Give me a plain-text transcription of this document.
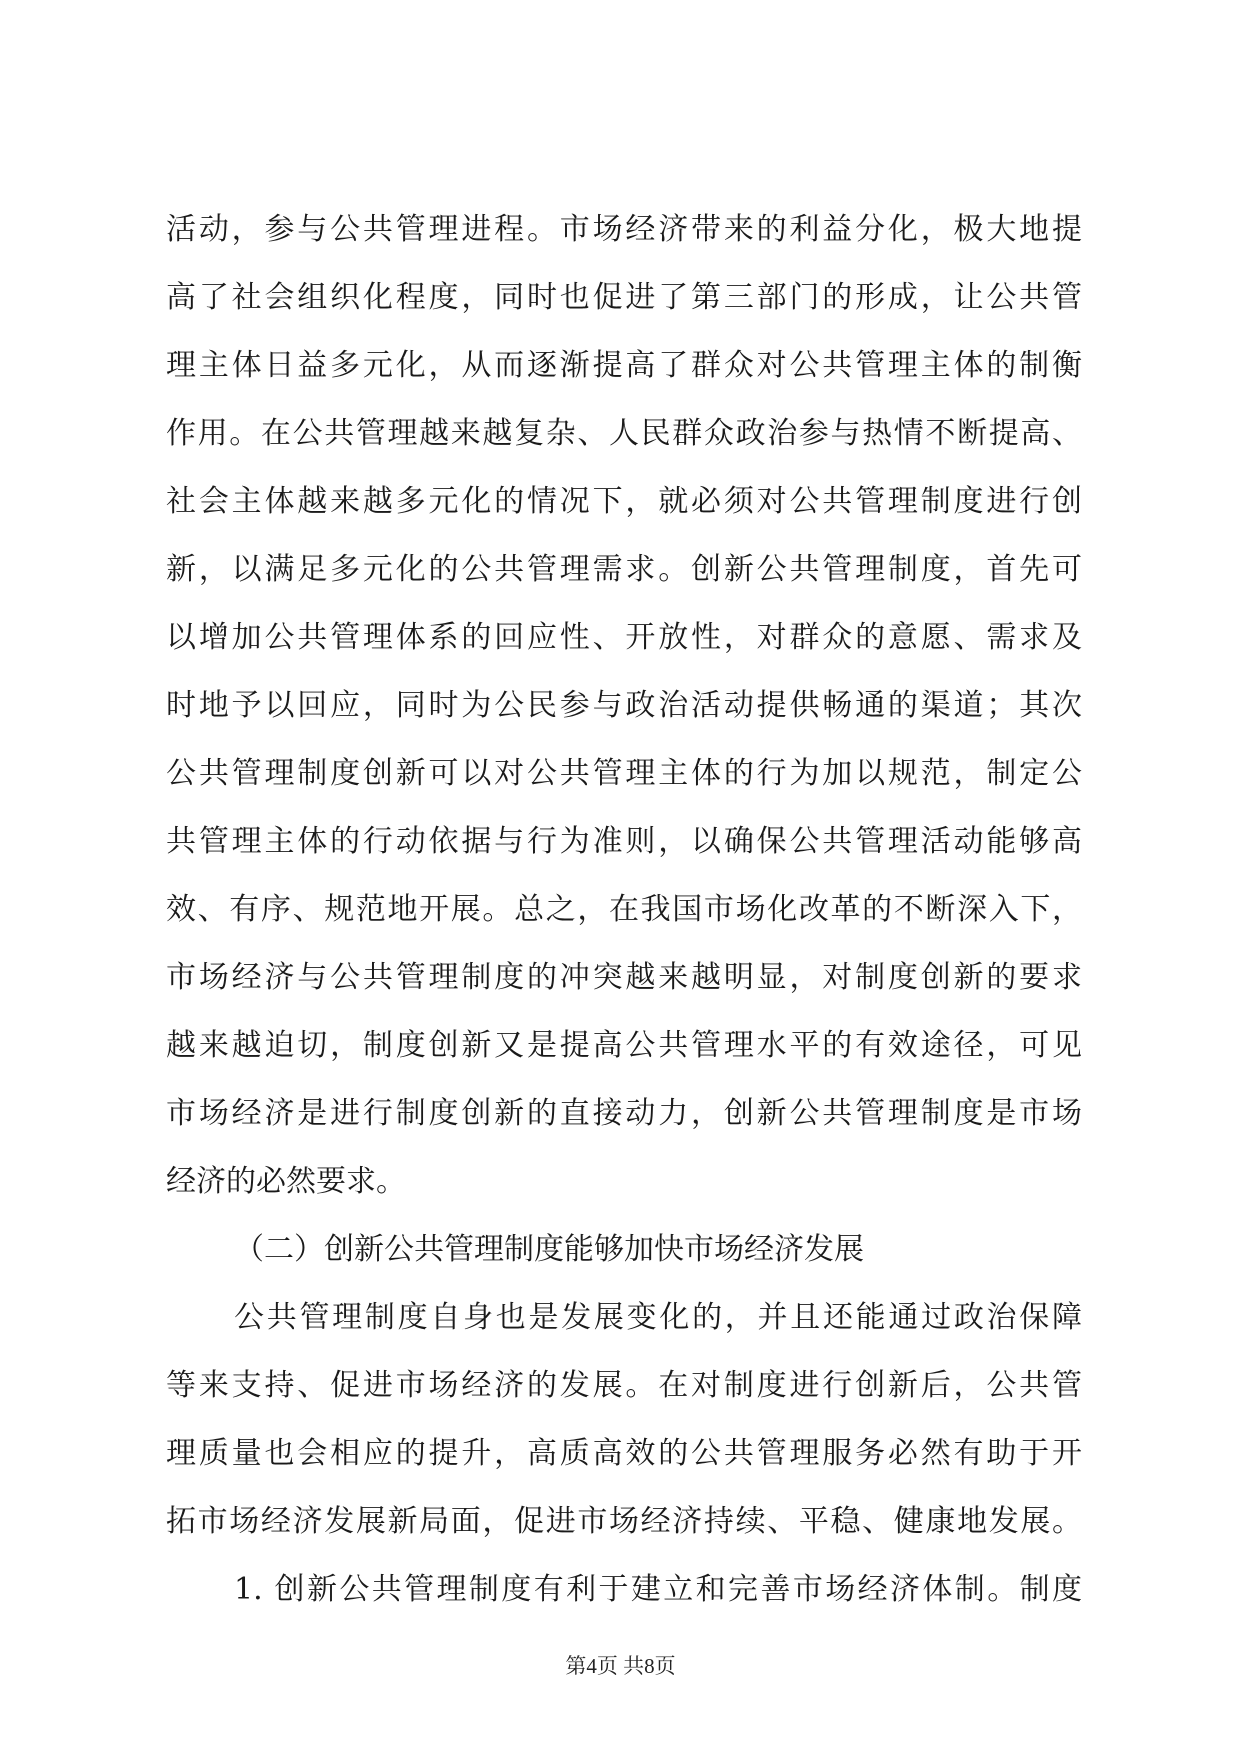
活动，参与公共管理进程。市场经济带来的利益分化，极大地提
高了社会组织化程度，同时也促进了第三部门的形成，让公共管
理主体日益多元化，从而逐渐提高了群众对公共管理主体的制衡
作用。在公共管理越来越复杂、人民群众政治参与热情不断提高、
社会主体越来越多元化的情况下，就必须对公共管理制度进行创
新，以满足多元化的公共管理需求。创新公共管理制度，首先可
以增加公共管理体系的回应性、开放性，对群众的意愿、需求及
时地予以回应，同时为公民参与政治活动提供畅通的渠道；其次
公共管理制度创新可以对公共管理主体的行为加以规范，制定公
共管理主体的行动依据与行为准则，以确保公共管理活动能够高
效、有序、规范地开展。总之，在我国市场化改革的不断深入下，
市场经济与公共管理制度的冲突越来越明显，对制度创新的要求
越来越迫切，制度创新又是提高公共管理水平的有效途径，可见
市场经济是进行制度创新的直接动力，创新公共管理制度是市场
经济的必然要求。
（二）创新公共管理制度能够加快市场经济发展
公共管理制度自身也是发展变化的，并且还能通过政治保障
等来支持、促进市场经济的发展。在对制度进行创新后，公共管
理质量也会相应的提升，高质高效的公共管理服务必然有助于开
拓市场经济发展新局面，促进市场经济持续、平稳、健康地发展。
1. 创新公共管理制度有利于建立和完善市场经济体制。制度
第4页 共8页
